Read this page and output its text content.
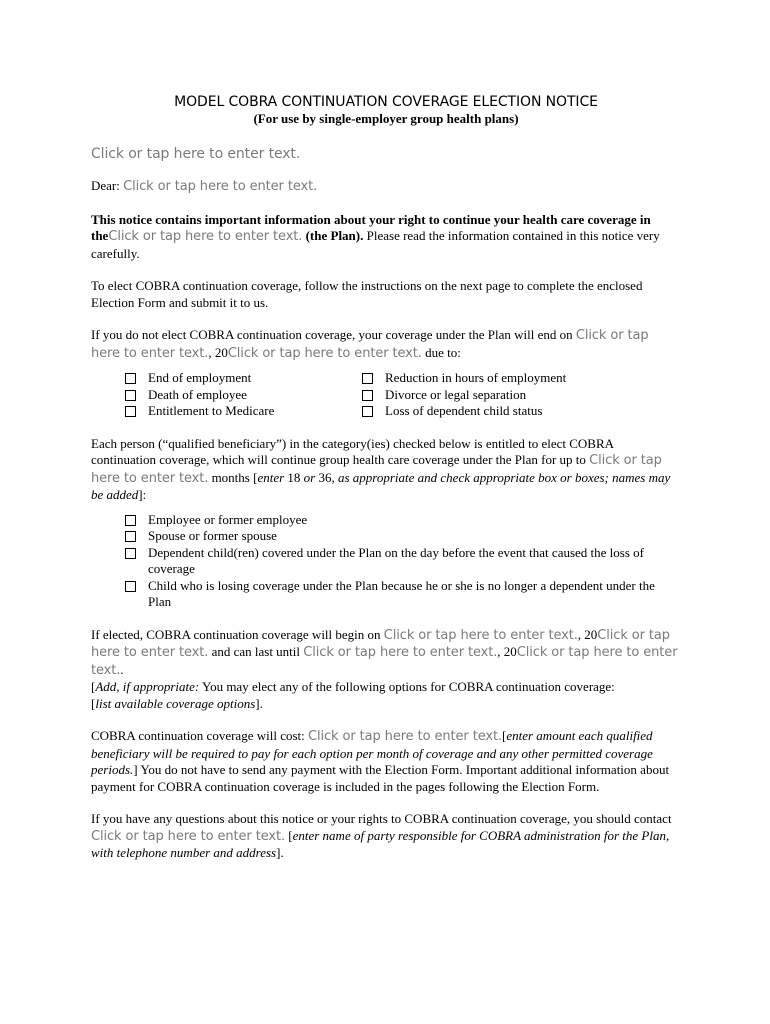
MODEL COBRA CONTINUATION COVERAGE ELECTION NOTICE

(For use by single-employer group health plans)

Click or tap here to enter text.

Dear: Click or tap here to enter text.

This notice contains important information about your right to continue your health care coverage in theClick or tap here to enter text. (the Plan). Please read the information contained in this notice very carefully.

To elect COBRA continuation coverage, follow the instructions on the next page to complete the enclosed Election Form and submit it to us.

If you do not elect COBRA continuation coverage, your coverage under the Plan will end on Click or tap here to enter text., 20Click or tap here to enter text. due to:

End of employment	Reduction in hours of employment
Death of employee	Divorce or legal separation
Entitlement to Medicare	Loss of dependent child status

Each person (“qualified beneficiary”) in the category(ies) checked below is entitled to elect COBRA continuation coverage, which will continue group health care coverage under the Plan for up to Click or tap here to enter text. months [enter 18 or 36, as appropriate and check appropriate box or boxes; names may be added]:

Employee or former employee
Spouse or former spouse
Dependent child(ren) covered under the Plan on the day before the event that caused the loss of coverage
Child who is losing coverage under the Plan because he or she is no longer a dependent under the Plan

If elected, COBRA continuation coverage will begin on Click or tap here to enter text., 20Click or tap here to enter text. and can last until Click or tap here to enter text., 20Click or tap here to enter text..
[Add, if appropriate: You may elect any of the following options for COBRA continuation coverage:
[list available coverage options].

COBRA continuation coverage will cost: Click or tap here to enter text.[enter amount each qualified beneficiary will be required to pay for each option per month of coverage and any other permitted coverage periods.] You do not have to send any payment with the Election Form. Important additional information about payment for COBRA continuation coverage is included in the pages following the Election Form.

If you have any questions about this notice or your rights to COBRA continuation coverage, you should contact Click or tap here to enter text. [enter name of party responsible for COBRA administration for the Plan, with telephone number and address].
